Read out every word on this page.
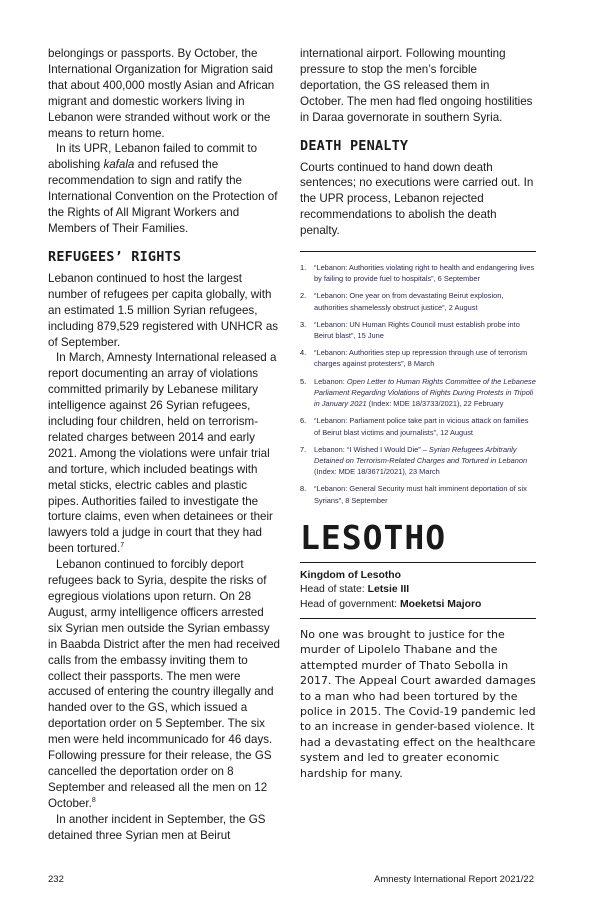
belongings or passports. By October, the International Organization for Migration said that about 400,000 mostly Asian and African migrant and domestic workers living in Lebanon were stranded without work or the means to return home.

In its UPR, Lebanon failed to commit to abolishing kafala and refused the recommendation to sign and ratify the International Convention on the Protection of the Rights of All Migrant Workers and Members of Their Families.

REFUGEES’ RIGHTS

Lebanon continued to host the largest number of refugees per capita globally, with an estimated 1.5 million Syrian refugees, including 879,529 registered with UNHCR as of September.

In March, Amnesty International released a report documenting an array of violations committed primarily by Lebanese military intelligence against 26 Syrian refugees, including four children, held on terrorism-related charges between 2014 and early 2021. Among the violations were unfair trial and torture, which included beatings with metal sticks, electric cables and plastic pipes. Authorities failed to investigate the torture claims, even when detainees or their lawyers told a judge in court that they had been tortured.$^7$

Lebanon continued to forcibly deport refugees back to Syria, despite the risks of egregious violations upon return. On 28 August, army intelligence officers arrested six Syrian men outside the Syrian embassy in Baabda District after the men had received calls from the embassy inviting them to collect their passports. The men were accused of entering the country illegally and handed over to the GS, which issued a deportation order on 5 September. The six men were held incommunicado for 46 days. Following pressure for their release, the GS cancelled the deportation order on 8 September and released all the men on 12 October.$^8$

In another incident in September, the GS detained three Syrian men at Beirut

international airport. Following mounting pressure to stop the men’s forcible deportation, the GS released them in October. The men had fled ongoing hostilities in Daraa governorate in southern Syria.

DEATH PENALTY

Courts continued to hand down death sentences; no executions were carried out. In the UPR process, Lebanon rejected recommendations to abolish the death penalty.

1. “Lebanon: Authorities violating right to health and endangering lives by failing to provide fuel to hospitals”, 6 September
2. “Lebanon: One year on from devastating Beirut explosion, authorities shamelessly obstruct justice”, 2 August
3. “Lebanon: UN Human Rights Council must establish probe into Beirut blast”, 15 June
4. “Lebanon: Authorities step up repression through use of terrorism charges against protesters”, 8 March
5. Lebanon: Open Letter to Human Rights Committee of the Lebanese Parliament Regarding Violations of Rights During Protests in Tripoli in January 2021 (Index: MDE 18/3733/2021), 22 February
6. “Lebanon: Parliament police take part in vicious attack on families of Beirut blast victims and journalists”, 12 August
7. Lebanon: “I Wished I Would Die” – Syrian Refugees Arbitrarily Detained on Terrorism-Related Charges and Tortured in Lebanon (Index: MDE 18/3671/2021), 23 March
8. “Lebanon: General Security must halt imminent deportation of six Syrians”, 8 September
LESOTHO

Kingdom of Lesotho

Head of state: Letsie III

Head of government: Moeketsi Majoro

No one was brought to justice for the murder of Lipolelo Thabane and the attempted murder of Thato Sebolla in 2017. The Appeal Court awarded damages to a man who had been tortured by the police in 2015. The Covid-19 pandemic led to an increase in gender-based violence. It had a devastating effect on the healthcare system and led to greater economic hardship for many.

232	Amnesty International Report 2021/22
